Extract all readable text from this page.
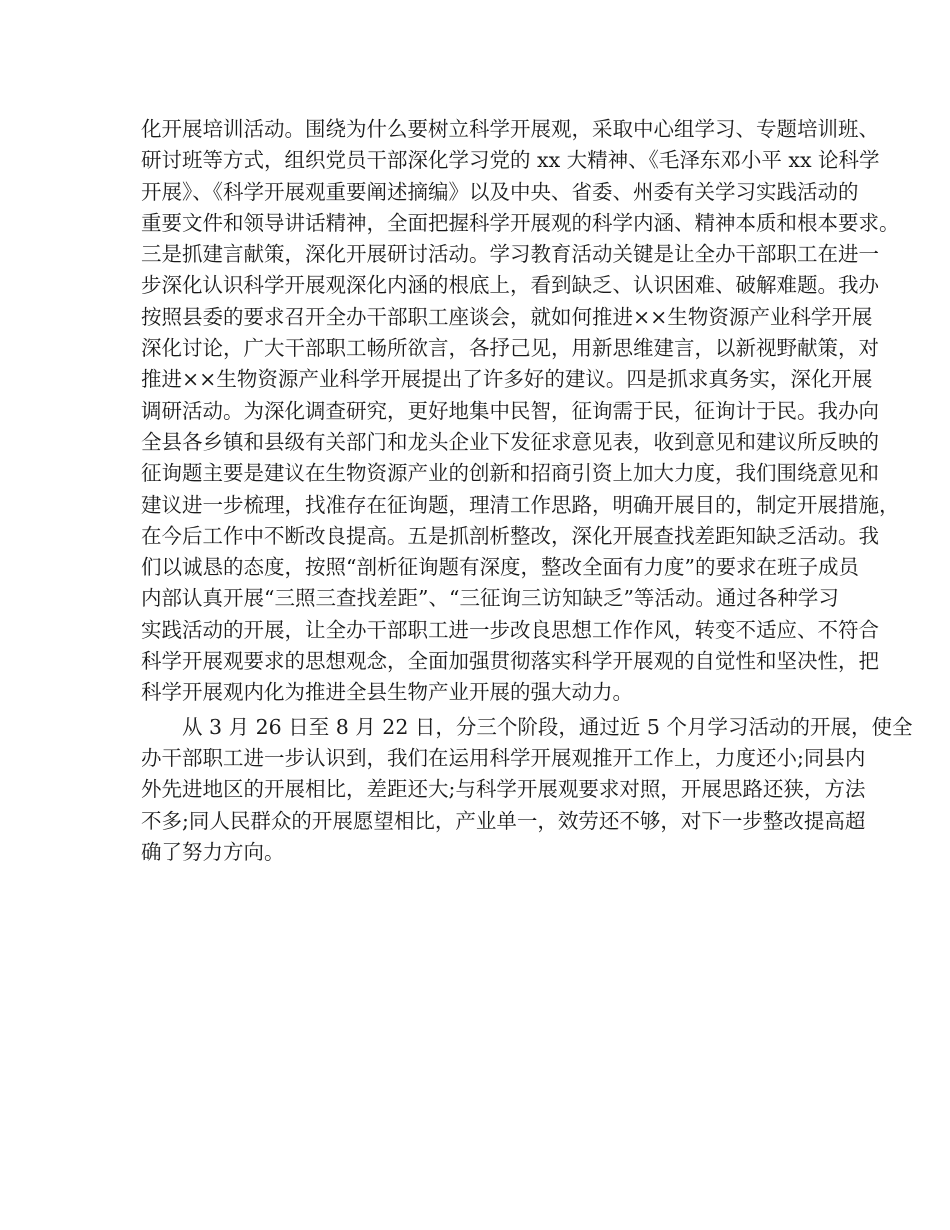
化开展培训活动。围绕为什么要树立科学开展观，采取中心组学习、专题培训班、
研讨班等方式，组织党员干部深化学习党的 xx 大精神、《毛泽东邓小平 xx 论科学
开展》、《科学开展观重要阐述摘编》以及中央、省委、州委有关学习实践活动的
重要文件和领导讲话精神，全面把握科学开展观的科学内涵、精神本质和根本要求。
三是抓建言献策，深化开展研讨活动。学习教育活动关键是让全办干部职工在进一
步深化认识科学开展观深化内涵的根底上，看到缺乏、认识困难、破解难题。我办
按照县委的要求召开全办干部职工座谈会，就如何推进××生物资源产业科学开展
深化讨论，广大干部职工畅所欲言，各抒己见，用新思维建言，以新视野献策，对
推进××生物资源产业科学开展提出了许多好的建议。四是抓求真务实，深化开展
调研活动。为深化调查研究，更好地集中民智，征询需于民，征询计于民。我办向
全县各乡镇和县级有关部门和龙头企业下发征求意见表，收到意见和建议所反映的
征询题主要是建议在生物资源产业的创新和招商引资上加大力度，我们围绕意见和
建议进一步梳理，找准存在征询题，理清工作思路，明确开展目的，制定开展措施，
在今后工作中不断改良提高。五是抓剖析整改，深化开展查找差距知缺乏活动。我
们以诚恳的态度，按照“剖析征询题有深度，整改全面有力度”的要求在班子成员
内部认真开展“三照三查找差距”、“三征询三访知缺乏”等活动。通过各种学习
实践活动的开展，让全办干部职工进一步改良思想工作作风，转变不适应、不符合
科学开展观要求的思想观念，全面加强贯彻落实科学开展观的自觉性和坚决性，把
科学开展观内化为推进全县生物产业开展的强大动力。
从 3 月 26 日至 8 月 22 日，分三个阶段，通过近 5 个月学习活动的开展，使全
办干部职工进一步认识到，我们在运用科学开展观推开工作上，力度还小;同县内
外先进地区的开展相比，差距还大;与科学开展观要求对照，开展思路还狭，方法
不多;同人民群众的开展愿望相比，产业单一，效劳还不够，对下一步整改提高超
确了努力方向。
